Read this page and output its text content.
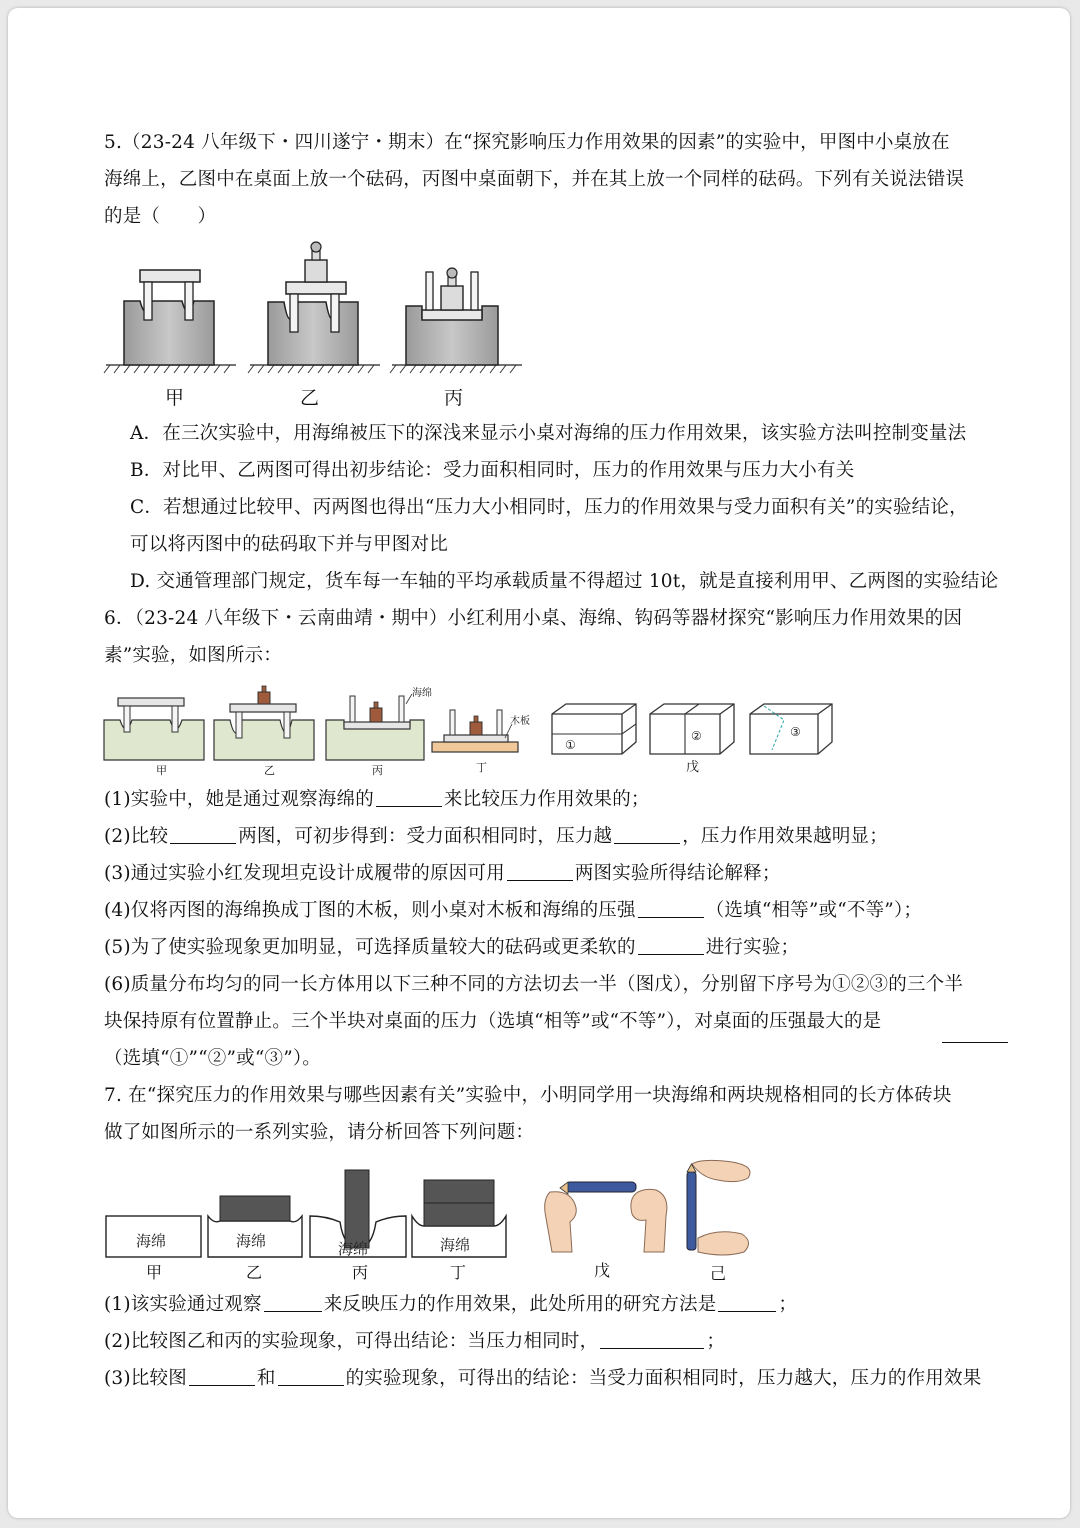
5.（23-24 八年级下・四川遂宁・期末）在“探究影响压力作用效果的因素”的实验中，甲图中小桌放在
海绵上，乙图中在桌面上放一个砝码，丙图中桌面朝下，并在其上放一个同样的砝码。下列有关说法错误
的是（　　）
甲	乙	丙
A．在三次实验中，用海绵被压下的深浅来显示小桌对海绵的压力作用效果，该实验方法叫控制变量法
B．对比甲、乙两图可得出初步结论：受力面积相同时，压力的作用效果与压力大小有关
C．若想通过比较甲、丙两图也得出“压力大小相同时，压力的作用效果与受力面积有关”的实验结论，
可以将丙图中的砝码取下并与甲图对比
D. 交通管理部门规定，货车每一车轴的平均承载质量不得超过 10t，就是直接利用甲、乙两图的实验结论
6．（23-24 八年级下・云南曲靖・期中）小红利用小桌、海绵、钩码等器材探究“影响压力作用效果的因
素”实验，如图所示：
海绵
木板
①
②	③
甲	乙	丙	丁	戊
(1)实验中，她是通过观察海绵的	来比较压力作用效果的；
(2)比较	两图，可初步得到：受力面积相同时，压力越	，压力作用效果越明显；
(3)通过实验小红发现坦克设计成履带的原因可用	两图实验所得结论解释；
(4)仅将丙图的海绵换成丁图的木板，则小桌对木板和海绵的压强	（选填“相等”或“不等”）；
(5)为了使实验现象更加明显，可选择质量较大的砝码或更柔软的	进行实验；
(6)质量分布均匀的同一长方体用以下三种不同的方法切去一半（图戊），分别留下序号为①②③的三个半
块保持原有位置静止。三个半块对桌面的压力（选填“相等”或“不等”），对桌面的压强最大的是
（选填“①”“②”或“③”）。
7. 在“探究压力的作用效果与哪些因素有关”实验中，小明同学用一块海绵和两块规格相同的长方体砖块
做了如图所示的一系列实验，请分析回答下列问题：
海绵	海绵	海绵	海绵
甲	乙	丙	丁	戊	己
(1)该实验通过观察	来反映压力的作用效果，此处所用的研究方法是	；
(2)比较图乙和丙的实验现象，可得出结论：当压力相同时，	；
(3)比较图	和	的实验现象，可得出的结论：当受力面积相同时，压力越大，压力的作用效果
